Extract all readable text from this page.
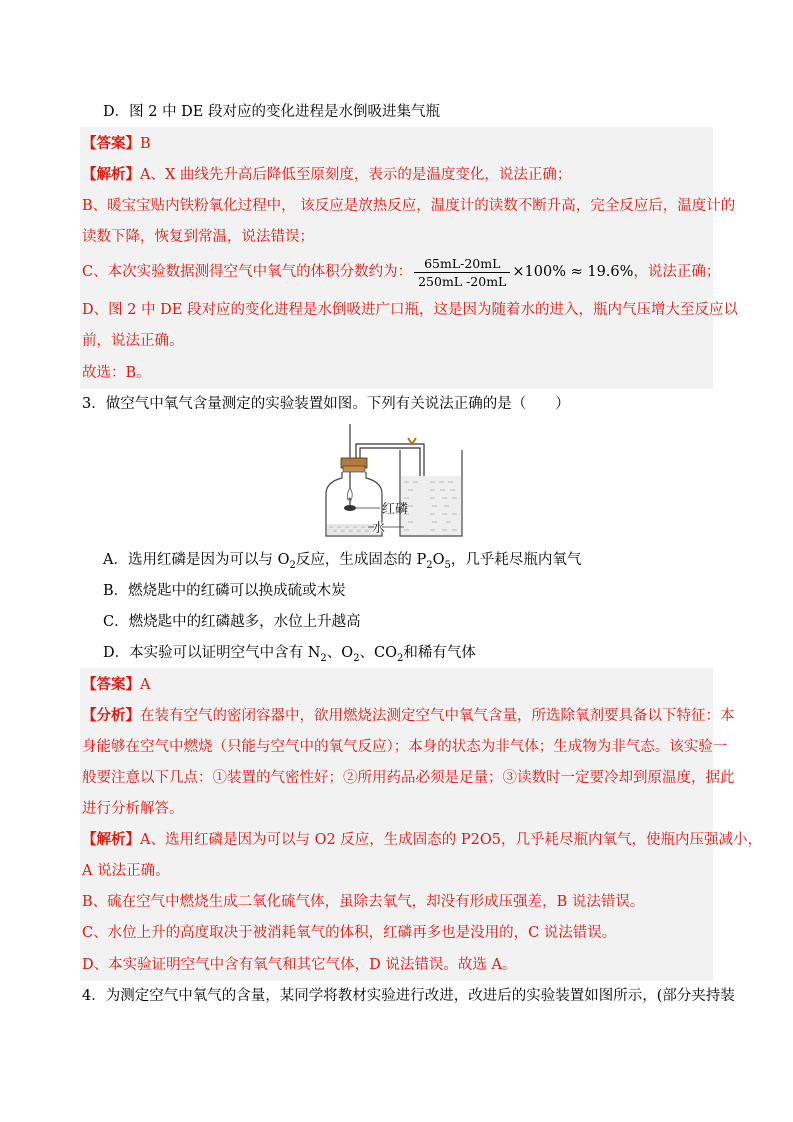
D．图 2 中 DE 段对应的变化进程是水倒吸进集气瓶
【答案】B
【解析】A、X 曲线先升高后降低至原刻度，表示的是温度变化，说法正确；
B、暖宝宝贴内铁粉氧化过程中， 该反应是放热反应，温度计的读数不断升高，完全反应后，温度计的
读数下降，恢复到常温，说法错误；
C、本次实验数据测得空气中氧气的体积分数约为： $\frac{65mL-20mL}{250mL -20mL} \times 100\% \approx 19.6\%$，说法正确；
D、图 2 中 DE 段对应的变化进程是水倒吸进广口瓶，这是因为随着水的进入，瓶内气压增大至反应以
前，说法正确。
故选：B。
3．做空气中氧气含量测定的实验装置如图。下列有关说法正确的是（　　）
红磷
水
A．选用红磷是因为可以与 $O_2$反应，生成固态的 $P_2O_5$，几乎耗尽瓶内氧气
B．燃烧匙中的红磷可以换成硫或木炭
C．燃烧匙中的红磷越多，水位上升越高
D．本实验可以证明空气中含有 $N_2$、$O_2$、$CO_2$和稀有气体
【答案】A
【分析】在装有空气的密闭容器中，欲用燃烧法测定空气中氧气含量，所选除氧剂要具备以下特征：本
身能够在空气中燃烧（只能与空气中的氧气反应）；本身的状态为非气体；生成物为非气态。该实验一
般要注意以下几点：①装置的气密性好；②所用药品必须是足量；③读数时一定要冷却到原温度，据此
进行分析解答。
【解析】A、选用红磷是因为可以与 O2 反应，生成固态的 P2O5，几乎耗尽瓶内氧气，使瓶内压强减小，
A 说法正确。
B、硫在空气中燃烧生成二氧化硫气体，虽除去氧气，却没有形成压强差，B 说法错误。
C、水位上升的高度取决于被消耗氧气的体积，红磷再多也是没用的，C 说法错误。
D、本实验证明空气中含有氧气和其它气体，D 说法错误。故选 A。
4．为测定空气中氧气的含量，某同学将教材实验进行改进，改进后的实验装置如图所示，(部分夹持装
